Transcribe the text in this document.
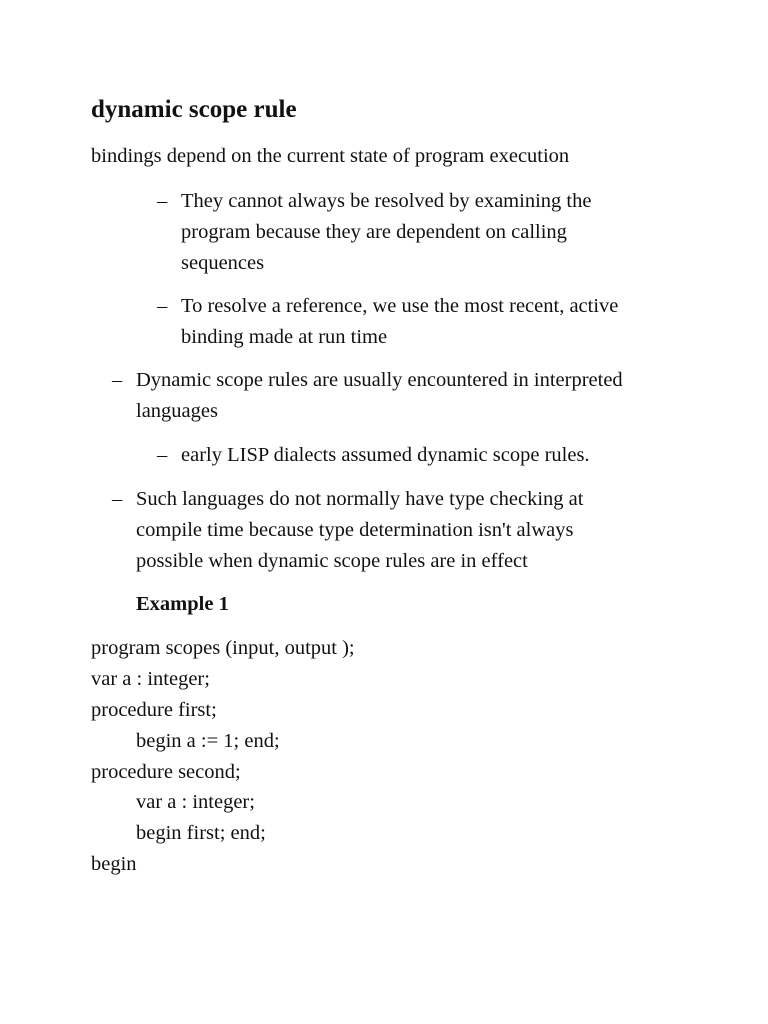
dynamic scope rule
bindings depend on the current state of program execution
– They cannot always be resolved by examining the program because they are dependent on calling sequences
– To resolve a reference, we use the most recent, active binding made at run time
– Dynamic scope rules are usually encountered in interpreted languages
– early LISP dialects assumed dynamic scope rules.
– Such languages do not normally have type checking at compile time because type determination isn't always possible when dynamic scope rules are in effect
Example 1
program scopes (input, output );
var a : integer;
procedure first;
begin a := 1; end;
procedure second;
var a : integer;
begin first; end;
begin
